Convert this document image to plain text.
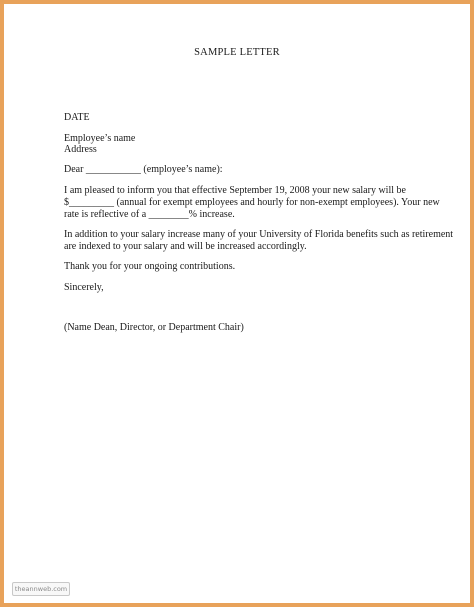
SAMPLE LETTER
DATE
Employee’s name
Address
Dear ___________ (employee’s name):
I am pleased to inform you that effective September 19, 2008 your new salary will be
$_________ (annual for exempt employees and hourly for non-exempt employees). Your new
rate is reflective of a ________% increase.
In addition to your salary increase many of your University of Florida benefits such as retirement
are indexed to your salary and will be increased accordingly.
Thank you for your ongoing contributions.
Sincerely,
(Name Dean, Director, or Department Chair)
theannweb.com
